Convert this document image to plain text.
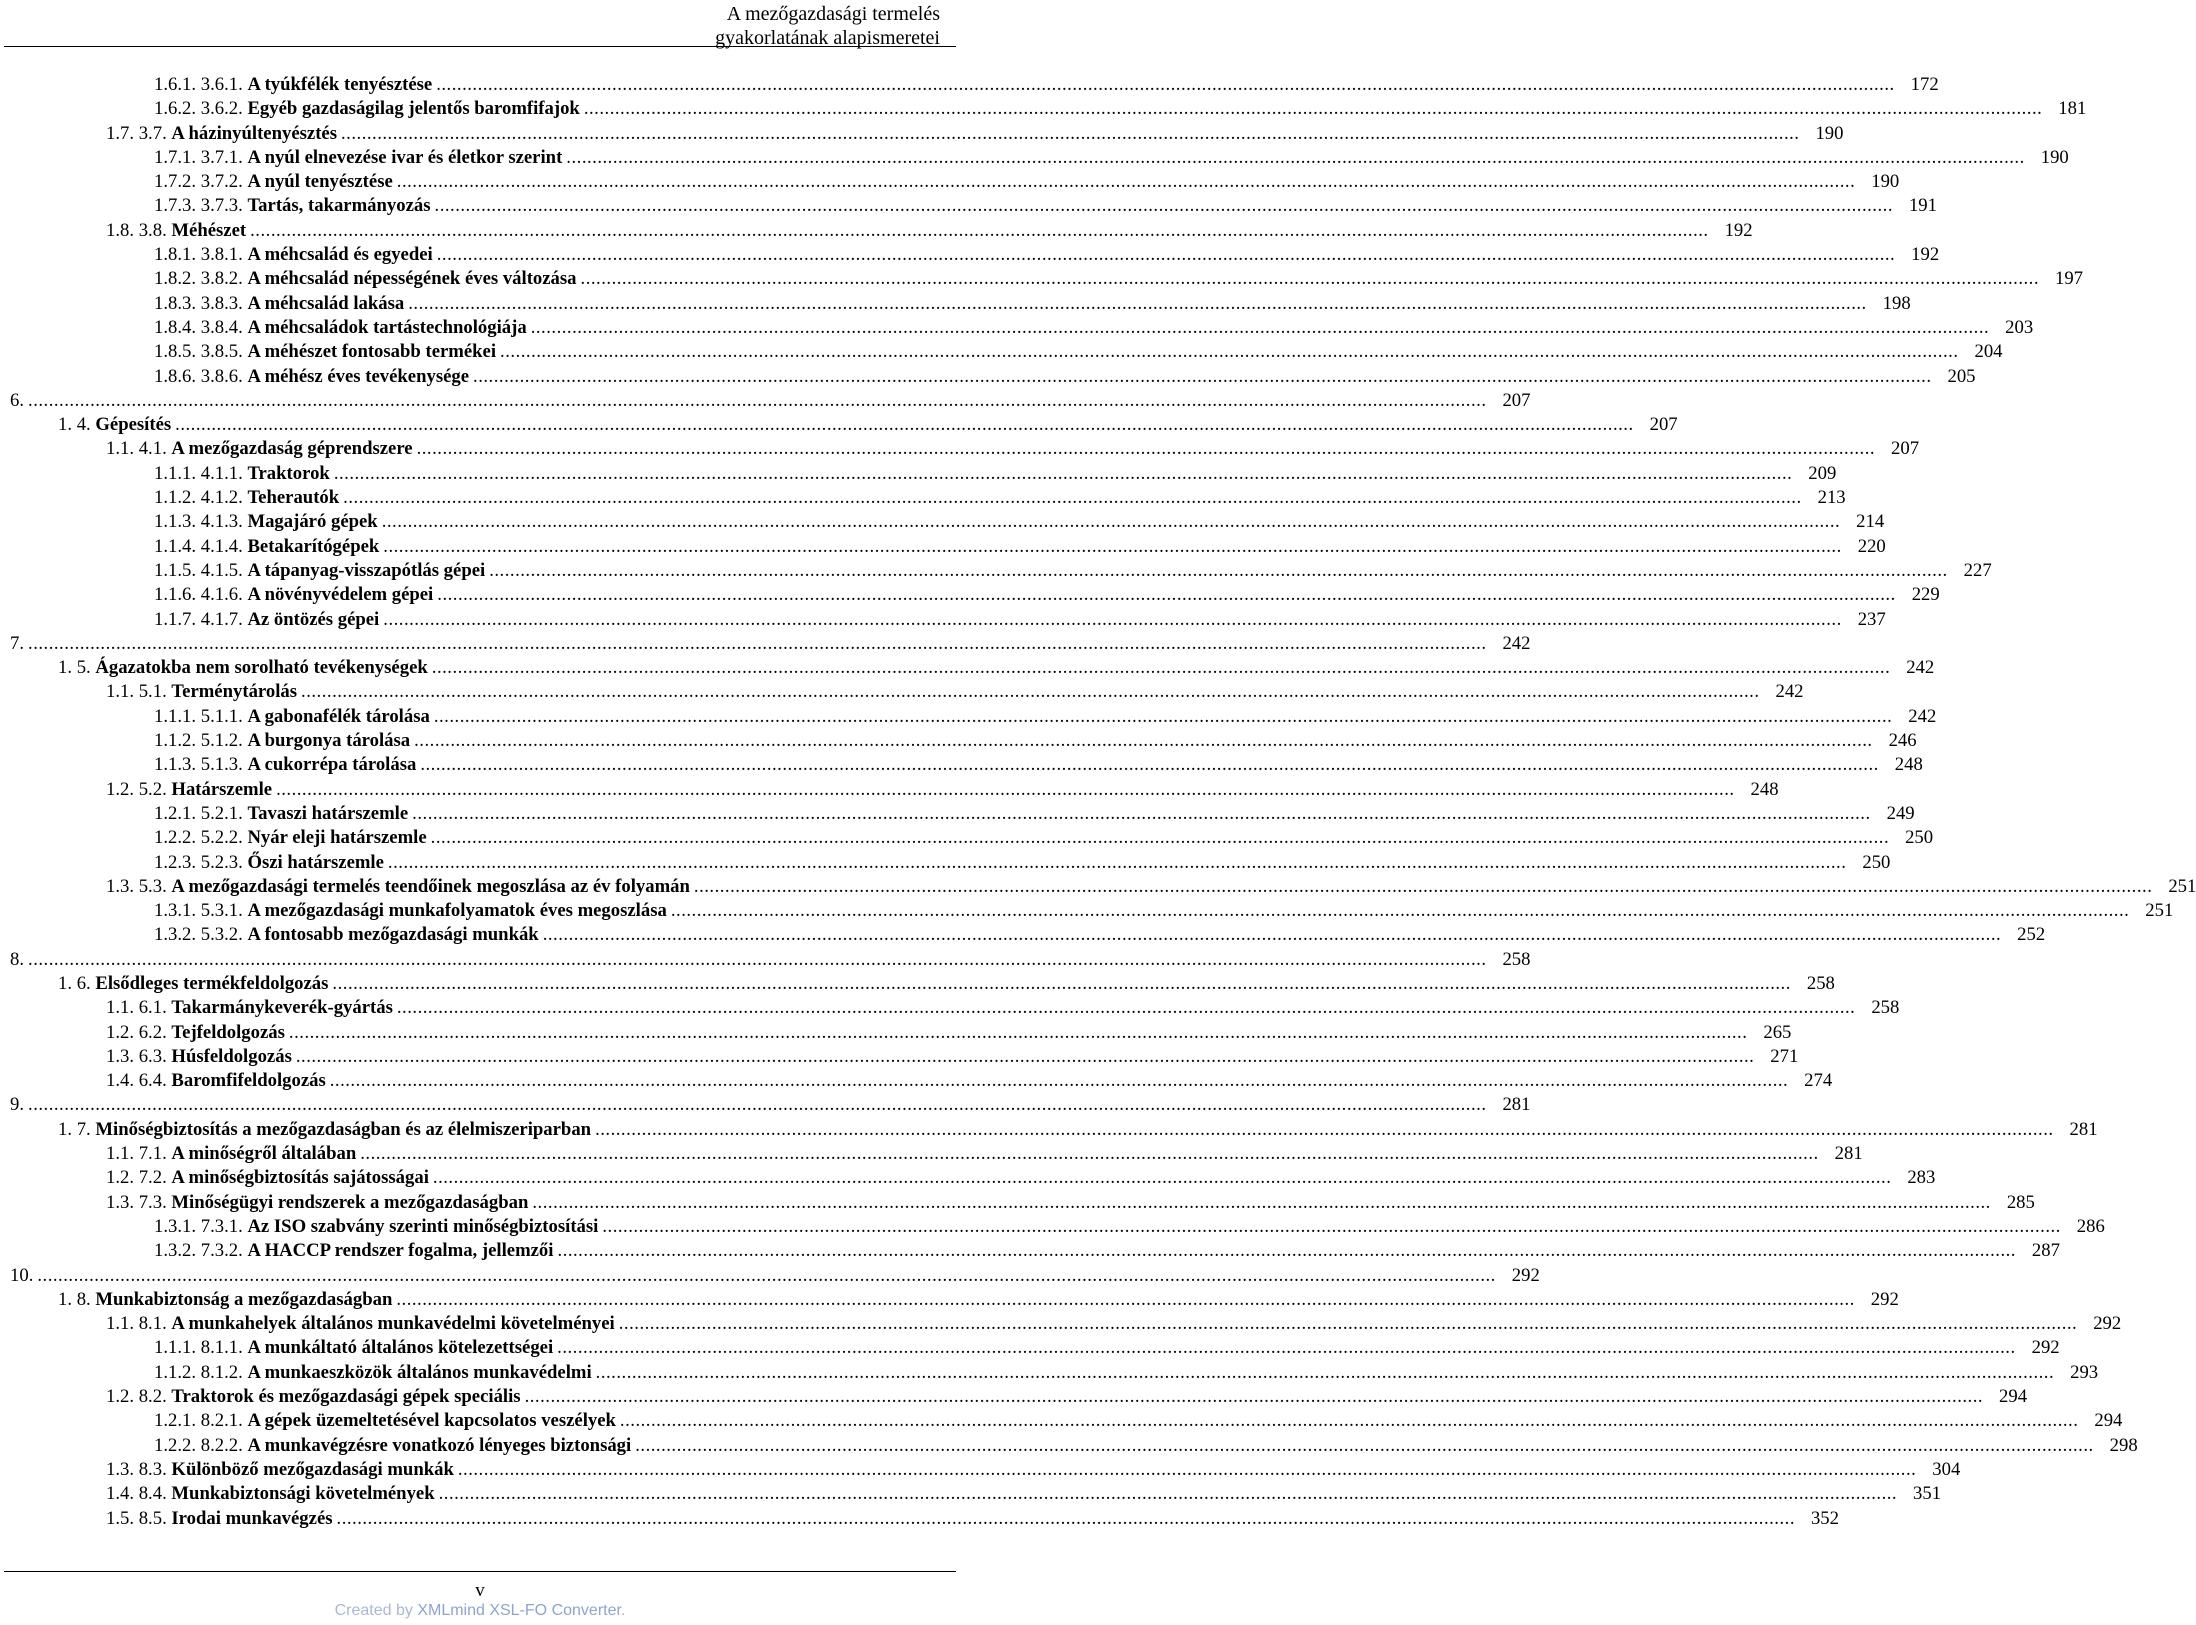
A mezőgazdasági termelés
gyakorlatának alapismeretei
1.6.1. 3.6.1. A tyúkfélék tenyésztése .....	172
1.6.2. 3.6.2. Egyéb gazdaságilag jelentős baromfifajok .....	181
1.7. 3.7. A házinyúltenyésztés .....	190
1.7.1. 3.7.1. A nyúl elnevezése ivar és életkor szerint .....	190
1.7.2. 3.7.2. A nyúl tenyésztése .....	190
1.7.3. 3.7.3. Tartás, takarmányozás .....	191
1.8. 3.8. Méhészet .....	192
1.8.1. 3.8.1. A méhcsalád és egyedei .....	192
1.8.2. 3.8.2. A méhcsalád népességének éves változása .....	197
1.8.3. 3.8.3. A méhcsalád lakása .....	198
1.8.4. 3.8.4. A méhcsaládok tartástechnológiája .....	203
1.8.5. 3.8.5. A méhészet fontosabb termékei .....	204
1.8.6. 3.8.6. A méhész éves tevékenysége .....	205
6. .....	207
1. 4. Gépesítés .....	207
1.1. 4.1. A mezőgazdaság géprendszere .....	207
1.1.1. 4.1.1. Traktorok .....	209
1.1.2. 4.1.2. Teherautók .....	213
1.1.3. 4.1.3. Magajáró gépek .....	214
1.1.4. 4.1.4. Betakarítógépek .....	220
1.1.5. 4.1.5. A tápanyag-visszapótlás gépei .....	227
1.1.6. 4.1.6. A növényvédelem gépei .....	229
1.1.7. 4.1.7. Az öntözés gépei .....	237
7. .....	242
1. 5. Ágazatokba nem sorolható tevékenységek .....	242
1.1. 5.1. Terménytárolás .....	242
1.1.1. 5.1.1. A gabonafélék tárolása .....	242
1.1.2. 5.1.2. A burgonya tárolása .....	246
1.1.3. 5.1.3. A cukorrépa tárolása .....	248
1.2. 5.2. Határszemle .....	248
1.2.1. 5.2.1. Tavaszi határszemle .....	249
1.2.2. 5.2.2. Nyár eleji határszemle .....	250
1.2.3. 5.2.3. Őszi határszemle .....	250
1.3. 5.3. A mezőgazdasági termelés teendőinek megoszlása az év folyamán .....	251
1.3.1. 5.3.1. A mezőgazdasági munkafolyamatok éves megoszlása .....	251
1.3.2. 5.3.2. A fontosabb mezőgazdasági munkák .....	252
8. .....	258
1. 6. Elsődleges termékfeldolgozás .....	258
1.1. 6.1. Takarmánykeverék-gyártás .....	258
1.2. 6.2. Tejfeldolgozás .....	265
1.3. 6.3. Húsfeldolgozás .....	271
1.4. 6.4. Baromfifeldolgozás .....	274
9. .....	281
1. 7. Minőségbiztosítás a mezőgazdaságban és az élelmiszeriparban .....	281
1.1. 7.1. A minőségről általában .....	281
1.2. 7.2. A minőségbiztosítás sajátosságai .....	283
1.3. 7.3. Minőségügyi rendszerek a mezőgazdaságban .....	285
1.3.1. 7.3.1. Az ISO szabvány szerinti minőségbiztosítási .....	286
1.3.2. 7.3.2. A HACCP rendszer fogalma, jellemzői .....	287
10. .....	292
1. 8. Munkabiztonság a mezőgazdaságban .....	292
1.1. 8.1. A munkahelyek általános munkavédelmi követelményei .....	292
1.1.1. 8.1.1. A munkáltató általános kötelezettségei .....	292
1.1.2. 8.1.2. A munkaeszközök általános munkavédelmi .....	293
1.2. 8.2. Traktorok és mezőgazdasági gépek speciális .....	294
1.2.1. 8.2.1. A gépek üzemeltetésével kapcsolatos veszélyek .....	294
1.2.2. 8.2.2. A munkavégzésre vonatkozó lényeges biztonsági .....	298
1.3. 8.3. Különböző mezőgazdasági munkák .....	304
1.4. 8.4. Munkabiztonsági követelmények .....	351
1.5. 8.5. Irodai munkavégzés .....	352
v
Created by XMLmind XSL-FO Converter.
